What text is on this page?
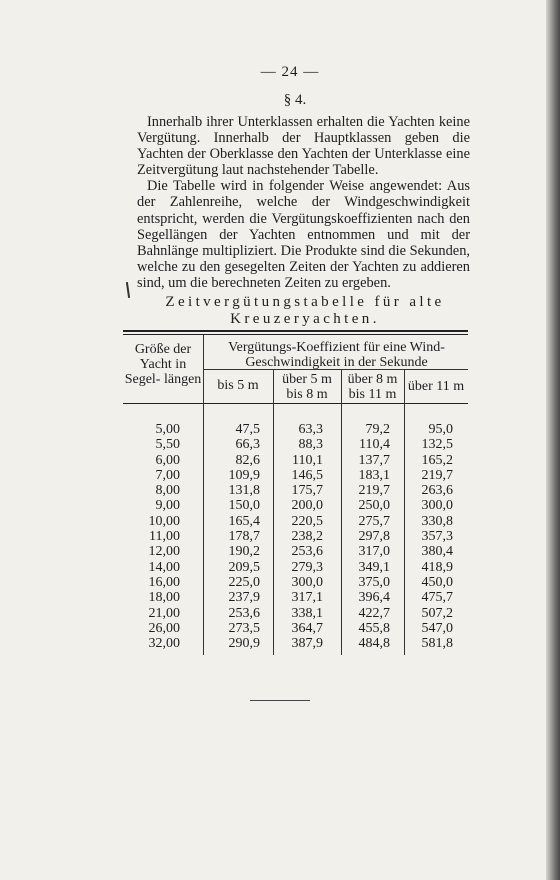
— 24 —
§ 4.

Innerhalb ihrer Unterklassen erhalten die Yachten keine Vergütung. Innerhalb der Hauptklassen geben die Yachten der Oberklasse den Yachten der Unterklasse eine Zeitvergütung laut nachstehender Tabelle.

Die Tabelle wird in folgender Weise angewendet: Aus der Zahlenreihe, welche der Windgeschwindigkeit entspricht, werden die Vergütungskoeffizienten nach den Segellängen der Yachten entnommen und mit der Bahnlänge multipliziert. Die Produkte sind die Sekunden, welche zu den gesegelten Zeiten der Yachten zu addieren sind, um die berechneten Zeiten zu ergeben.

Zeitvergütungstabelle für alte
Kreuzeryachten.
Größe der Yacht in Segel- längen
Vergütungs-Koeffizient für eine Wind- Geschwindigkeit in der Sekunde
bis 5 m	über 5 m bis 8 m
über 8 m bis 11 m
über 11 m
5,00
5,50
6,00
7,00
8,00
9,00
10,00
11,00
12,00
14,00
16,00
18,00
21,00
26,00
32,00
47,5
66,3
82,6
109,9
131,8
150,0
165,4
178,7
190,2
209,5
225,0
237,9
253,6
273,5
290,9
63,3
88,3
110,1
146,5
175,7
200,0
220,5
238,2
253,6
279,3
300,0
317,1
338,1
364,7
387,9
79,2
110,4
137,7
183,1
219,7
250,0
275,7
297,8
317,0
349,1
375,0
396,4
422,7
455,8
484,8
95,0
132,5
165,2
219,7
263,6
300,0
330,8
357,3
380,4
418,9
450,0
475,7
507,2
547,0
581,8
